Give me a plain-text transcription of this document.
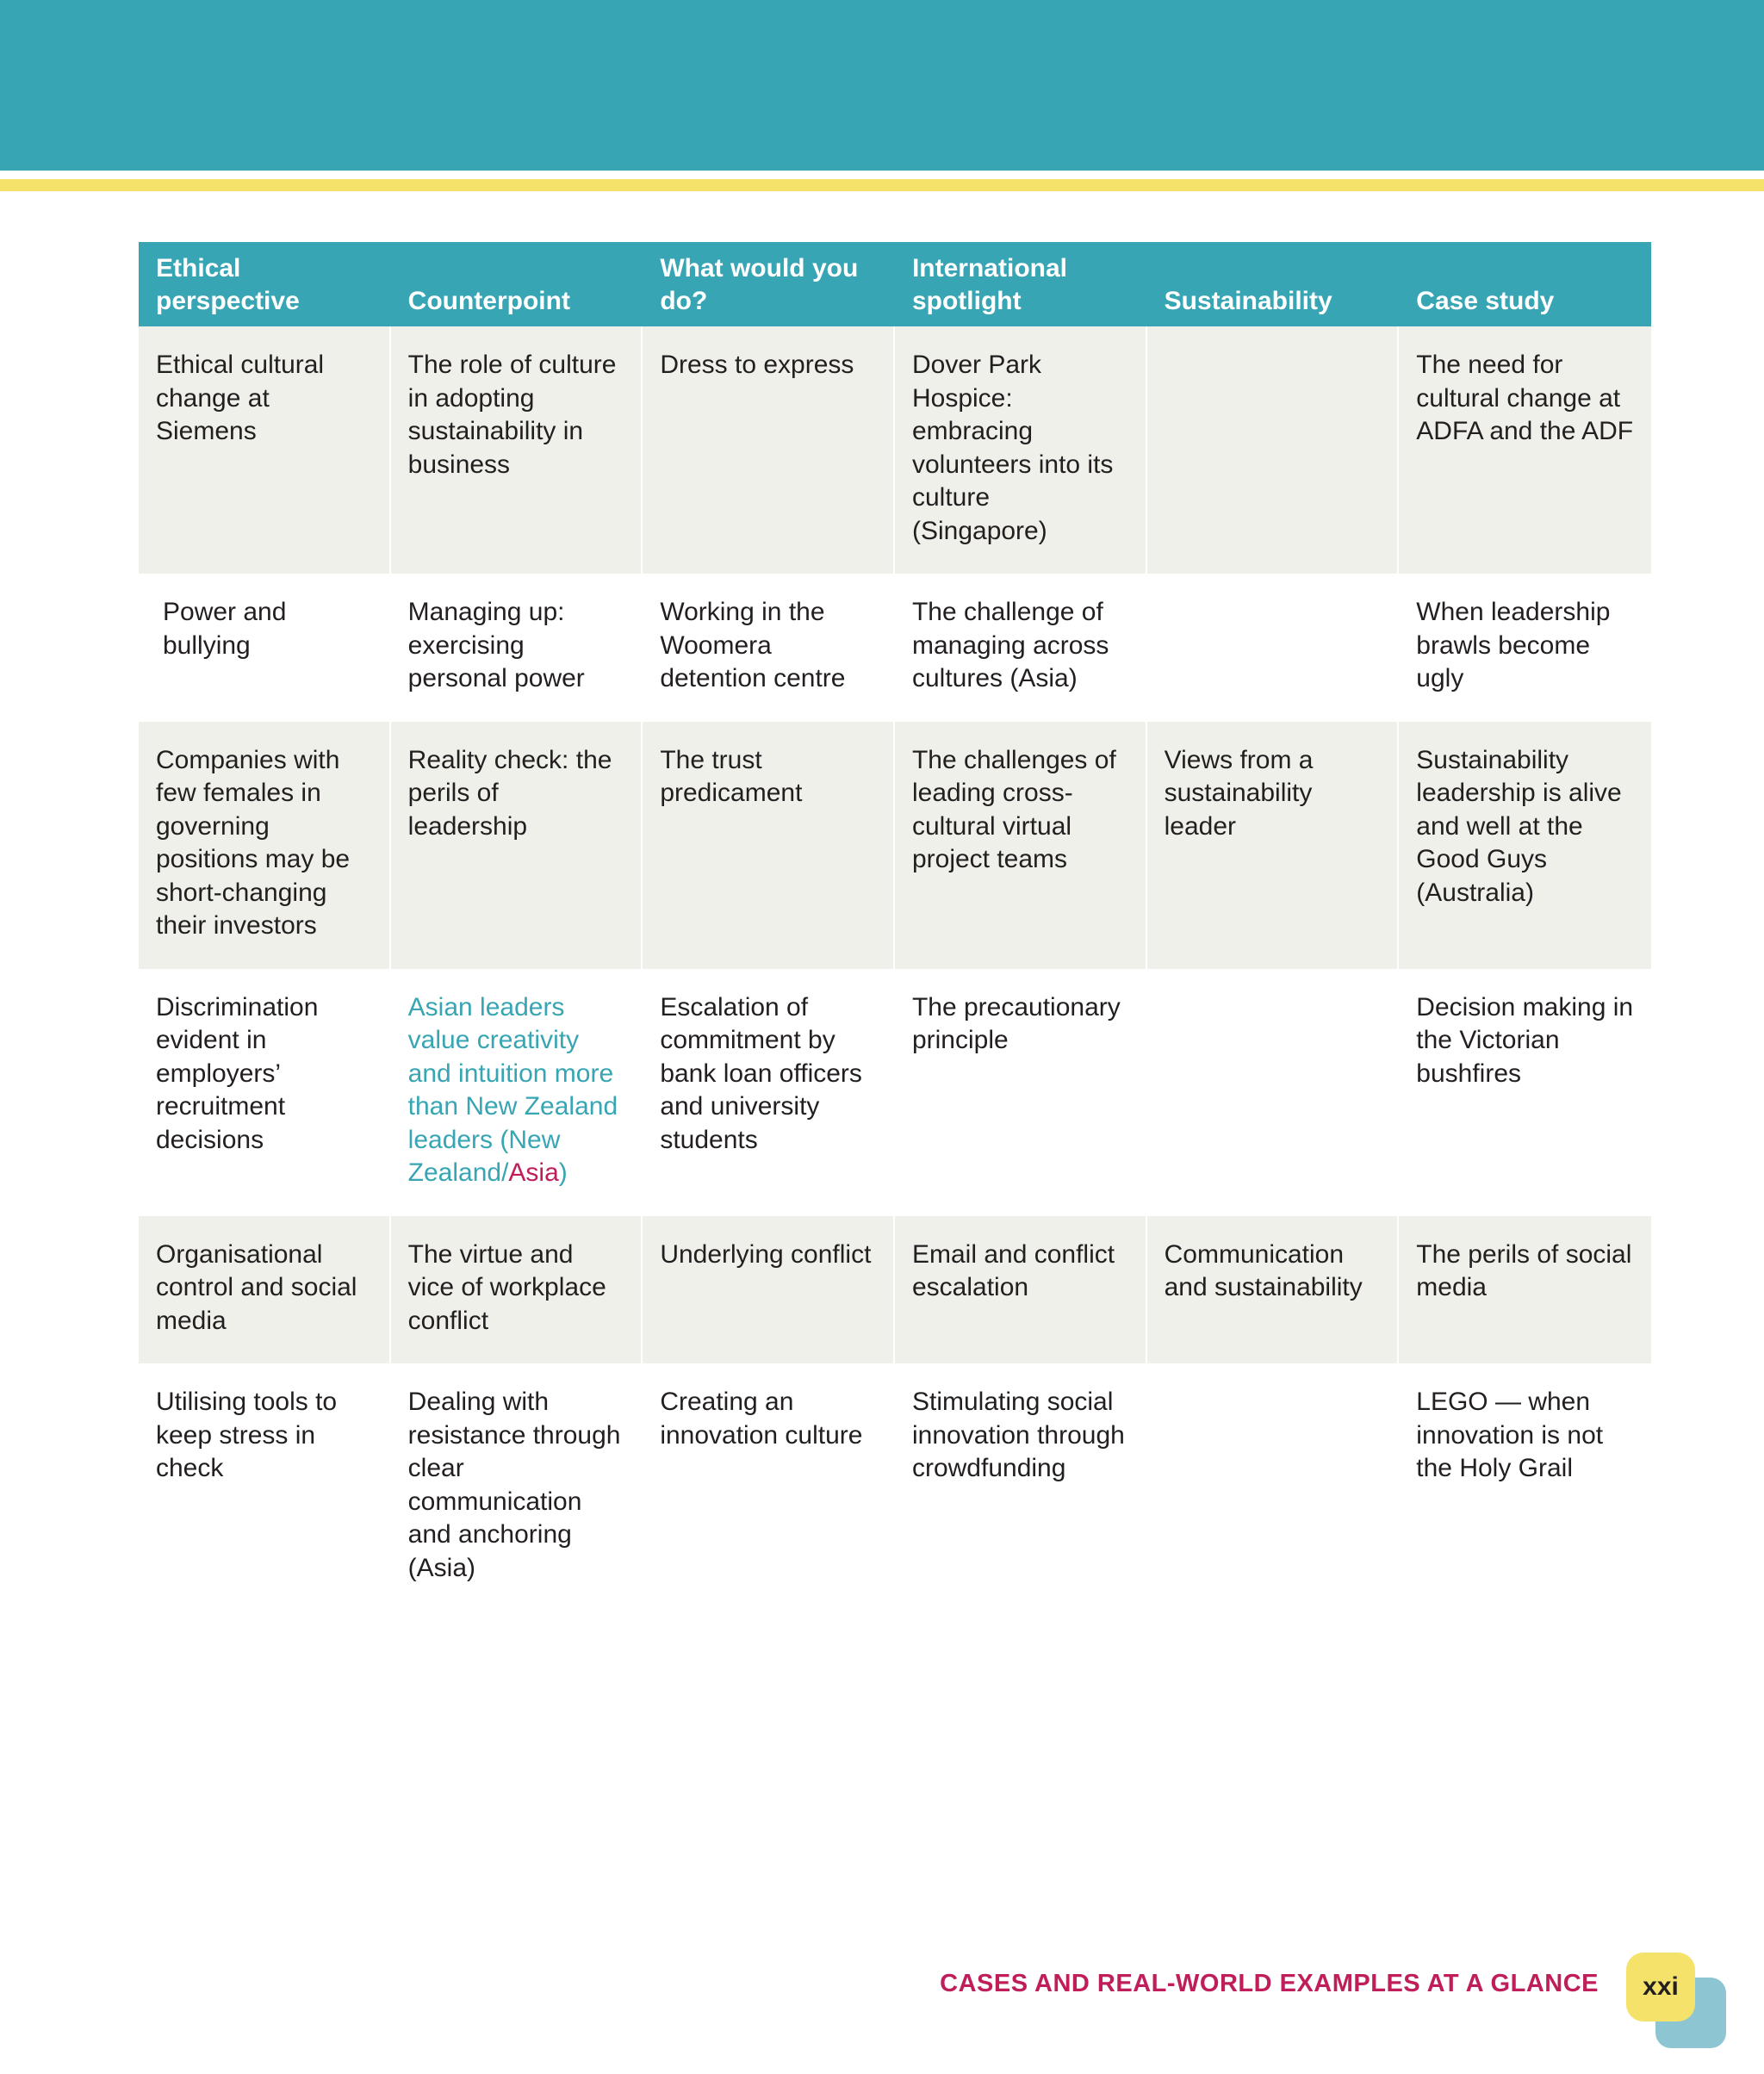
Ethical perspective	Counterpoint	What would you do?	International spotlight	Sustainability	Case study
Ethical cultural change at Siemens	The role of culture in adopting sustainability in business	Dress to express	Dover Park Hospice: embracing volunteers into its culture (Singapore)		The need for cultural change at ADFA and the ADF
Power and bullying	Managing up: exercising personal power	Working in the Woomera detention centre	The challenge of managing across cultures (Asia)		When leadership brawls become ugly
Companies with few females in governing positions may be short-changing their investors	Reality check: the perils of leadership	The trust predicament	The challenges of leading cross-cultural virtual project teams	Views from a sustainability leader	Sustainability leadership is alive and well at the Good Guys (Australia)
Discrimination evident in employers’ recruitment decisions	Asian leaders value creativity and intuition more than New Zealand leaders (New Zealand/Asia)	Escalation of commitment by bank loan officers and university students	The precautionary principle		Decision making in the Victorian bushfires
Organisational control and social media	The virtue and vice of workplace conflict	Underlying conflict	Email and conflict escalation	Communication and sustainability	The perils of social media
Utilising tools to keep stress in check	Dealing with resistance through clear communication and anchoring (Asia)	Creating an innovation culture	Stimulating social innovation through crowdfunding		LEGO — when innovation is not the Holy Grail
CASES AND REAL-WORLD EXAMPLES AT A GLANCE xxi
